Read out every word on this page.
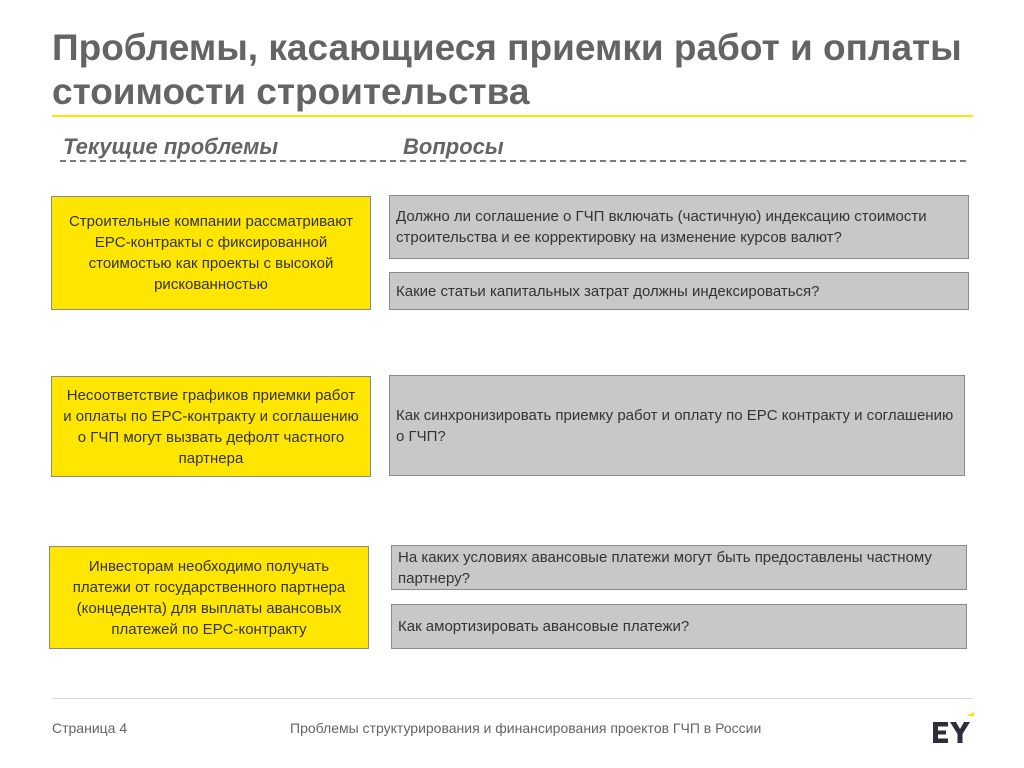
Проблемы, касающиеся приемки работ и оплаты стоимости строительства
Текущие проблемы	Вопросы
Строительные компании рассматривают EPC-контракты с фиксированной стоимостью как проекты с высокой рискованностью
Должно ли соглашение о ГЧП включать (частичную) индексацию стоимости строительства и ее корректировку на изменение курсов валют?
Какие статьи капитальных затрат должны индексироваться?
Несоответствие графиков приемки работ и оплаты по EPC-контракту и соглашению о ГЧП могут вызвать дефолт частного партнера
Как синхронизировать приемку работ и оплату по EPC контракту и соглашению о ГЧП?
Инвесторам необходимо получать платежи от государственного партнера (концедента) для выплаты авансовых платежей по EPC-контракту
На каких условиях авансовые платежи могут быть предоставлены частному партнеру?
Как амортизировать авансовые платежи?
Страница 4	Проблемы структурирования и финансирования проектов ГЧП в России
